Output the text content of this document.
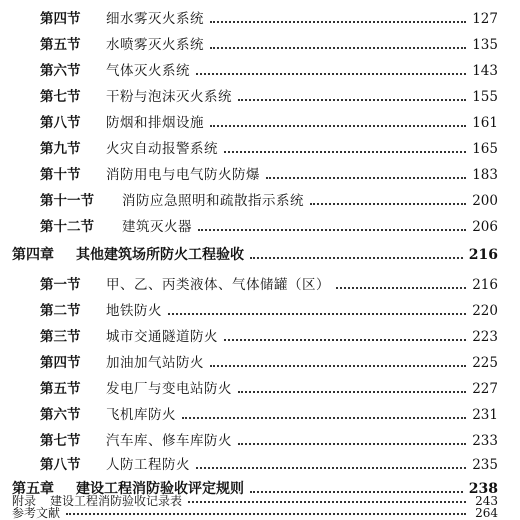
第四节	细水雾灭火系统	127
第五节	水喷雾灭火系统	135
第六节	气体灭火系统	143
第七节	干粉与泡沫灭火系统	155
第八节	防烟和排烟设施	161
第九节	火灾自动报警系统	165
第十节	消防用电与电气防火防爆	183
第十一节	消防应急照明和疏散指示系统	200
第十二节	建筑灭火器	206
第四章	其他建筑场所防火工程验收	216
第一节	甲、乙、丙类液体、气体储罐（区）	216
第二节	地铁防火	220
第三节	城市交通隧道防火	223
第四节	加油加气站防火	225
第五节	发电厂与变电站防火	227
第六节	飞机库防火	231
第七节	汽车库、修车库防火	233
第八节	人防工程防火	235
第五章	建设工程消防验收评定规则	238
附录 建设工程消防验收记录表	243
参考文献	264
